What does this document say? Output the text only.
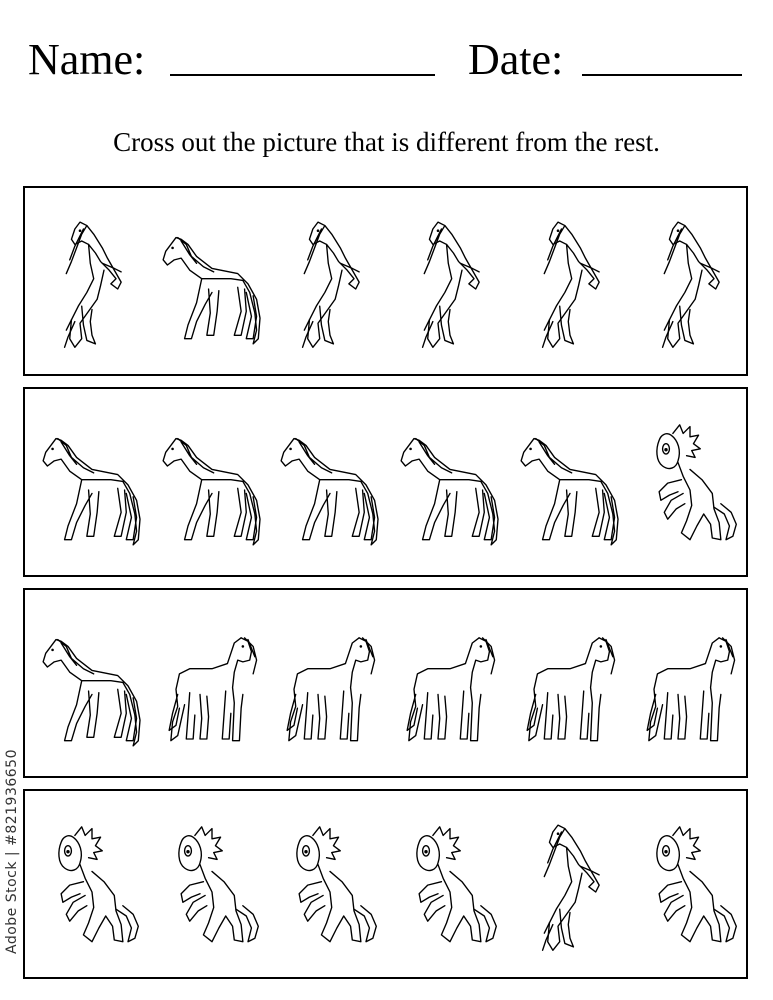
Name:	Date:
Cross out the picture that is different from the rest.
Adobe Stock | #821936650
